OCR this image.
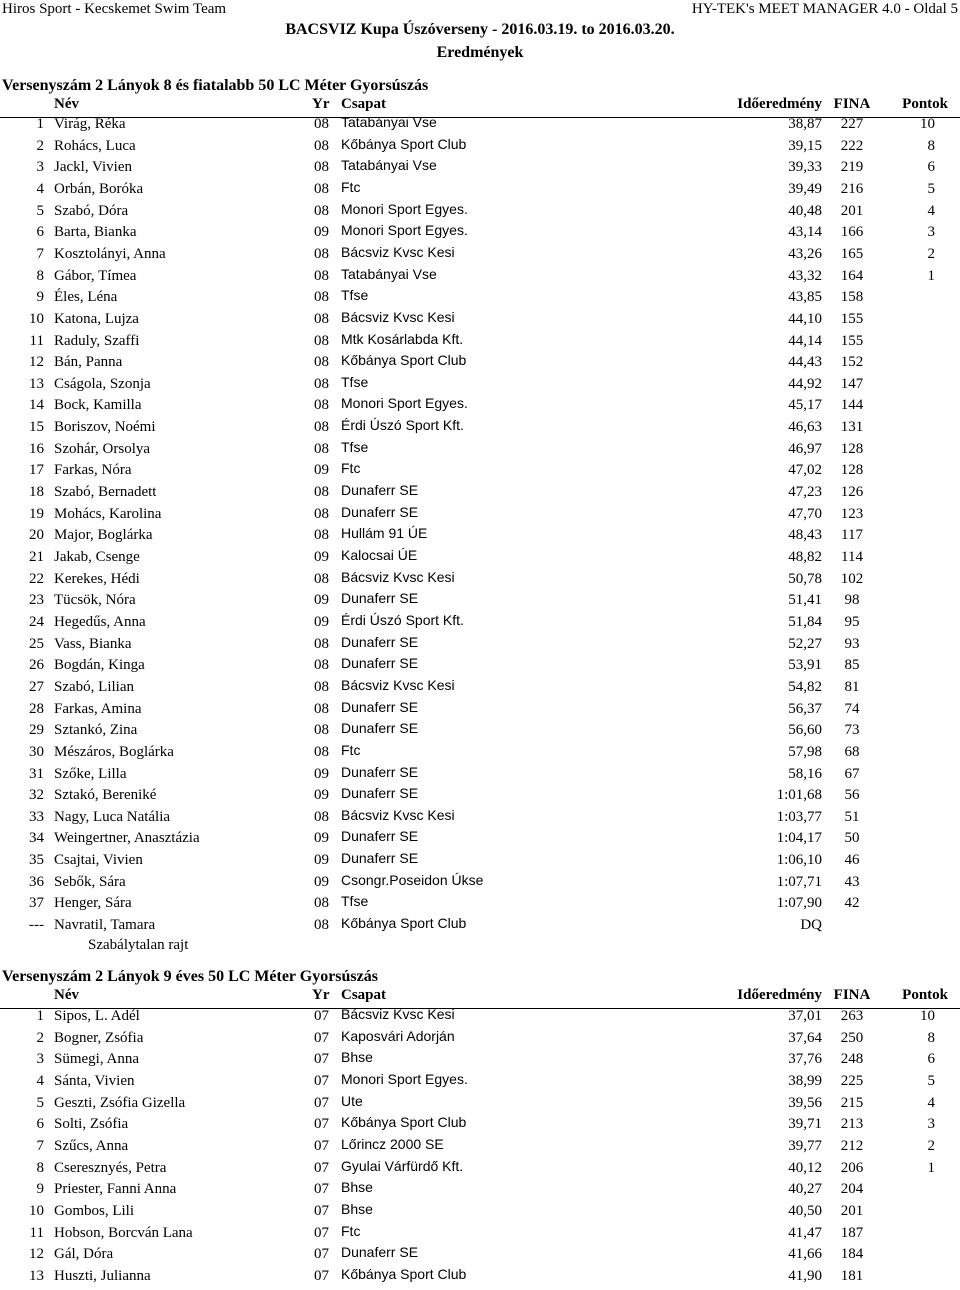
Hiros Sport - Kecskemet Swim Team	HY-TEK's MEET MANAGER 4.0 - Oldal 5
BACSVIZ Kupa Úszóverseny - 2016.03.19. to 2016.03.20.
Eredmények
Versenyszám 2 Lányok 8 és fiatalabb 50 LC Méter Gyorsúszás
Név	Yr Csapat	Időeredmény FINA Pontok
1 Virág, Réka	08 Tatabányai Vse	38,87	227	10
2 Rohács, Luca	08 Kőbánya Sport Club	39,15	222	8
3 Jackl, Vivien	08 Tatabányai Vse	39,33	219	6
4 Orbán, Boróka	08 Ftc	39,49	216	5
5 Szabó, Dóra	08 Monori Sport Egyes.	40,48	201	4
6 Barta, Bianka	09 Monori Sport Egyes.	43,14	166	3
7 Kosztolányi, Anna	08 Bácsviz Kvsc Kesi	43,26	165	2
8 Gábor, Tímea	08 Tatabányai Vse	43,32	164	1
9 Éles, Léna	08 Tfse	43,85	158
10 Katona, Lujza	08 Bácsviz Kvsc Kesi	44,10	155
11 Raduly, Szaffi	08 Mtk Kosárlabda Kft.	44,14	155
12 Bán, Panna	08 Kőbánya Sport Club	44,43	152
13 Cságola, Szonja	08 Tfse	44,92	147
14 Bock, Kamilla	08 Monori Sport Egyes.	45,17	144
15 Boriszov, Noémi	08 Érdi Úszó Sport Kft.	46,63	131
16 Szohár, Orsolya	08 Tfse	46,97	128
17 Farkas, Nóra	09 Ftc	47,02	128
18 Szabó, Bernadett	08 Dunaferr SE	47,23	126
19 Mohács, Karolina	08 Dunaferr SE	47,70	123
20 Major, Boglárka	08 Hullám 91 ÚE	48,43	117
21 Jakab, Csenge	09 Kalocsai ÚE	48,82	114
22 Kerekes, Hédi	08 Bácsviz Kvsc Kesi	50,78	102
23 Tücsök, Nóra	09 Dunaferr SE	51,41	98
24 Hegedűs, Anna	09 Érdi Úszó Sport Kft.	51,84	95
25 Vass, Bianka	08 Dunaferr SE	52,27	93
26 Bogdán, Kinga	08 Dunaferr SE	53,91	85
27 Szabó, Lilian	08 Bácsviz Kvsc Kesi	54,82	81
28 Farkas, Amina	08 Dunaferr SE	56,37	74
29 Sztankó, Zina	08 Dunaferr SE	56,60	73
30 Mészáros, Boglárka	08 Ftc	57,98	68
31 Szőke, Lilla	09 Dunaferr SE	58,16	67
32 Sztakó, Bereniké	09 Dunaferr SE	1:01,68	56
33 Nagy, Luca Natália	08 Bácsviz Kvsc Kesi	1:03,77	51
34 Weingertner, Anasztázia	09 Dunaferr SE	1:04,17	50
35 Csajtai, Vivien	09 Dunaferr SE	1:06,10	46
36 Sebők, Sára	09 Csongr.Poseidon Úkse	1:07,71	43
37 Henger, Sára	08 Tfse	1:07,90	42
--- Navratil, Tamara	08 Kőbánya Sport Club	DQ
Szabálytalan rajt
Versenyszám 2 Lányok 9 éves 50 LC Méter Gyorsúszás
Név	Yr Csapat	Időeredmény FINA Pontok
1 Sipos, L. Adél	07 Bácsviz Kvsc Kesi	37,01	263	10
2 Bogner, Zsófia	07 Kaposvári Adorján	37,64	250	8
3 Sümegi, Anna	07 Bhse	37,76	248	6
4 Sánta, Vivien	07 Monori Sport Egyes.	38,99	225	5
5 Geszti, Zsófia Gizella	07 Ute	39,56	215	4
6 Solti, Zsófia	07 Kőbánya Sport Club	39,71	213	3
7 Szűcs, Anna	07 Lőrincz 2000 SE	39,77	212	2
8 Cseresznyés, Petra	07 Gyulai Várfürdő Kft.	40,12	206	1
9 Priester, Fanni Anna	07 Bhse	40,27	204
10 Gombos, Lili	07 Bhse	40,50	201
11 Hobson, Borcván Lana	07 Ftc	41,47	187
12 Gál, Dóra	07 Dunaferr SE	41,66	184
13 Huszti, Julianna	07 Kőbánya Sport Club	41,90	181
